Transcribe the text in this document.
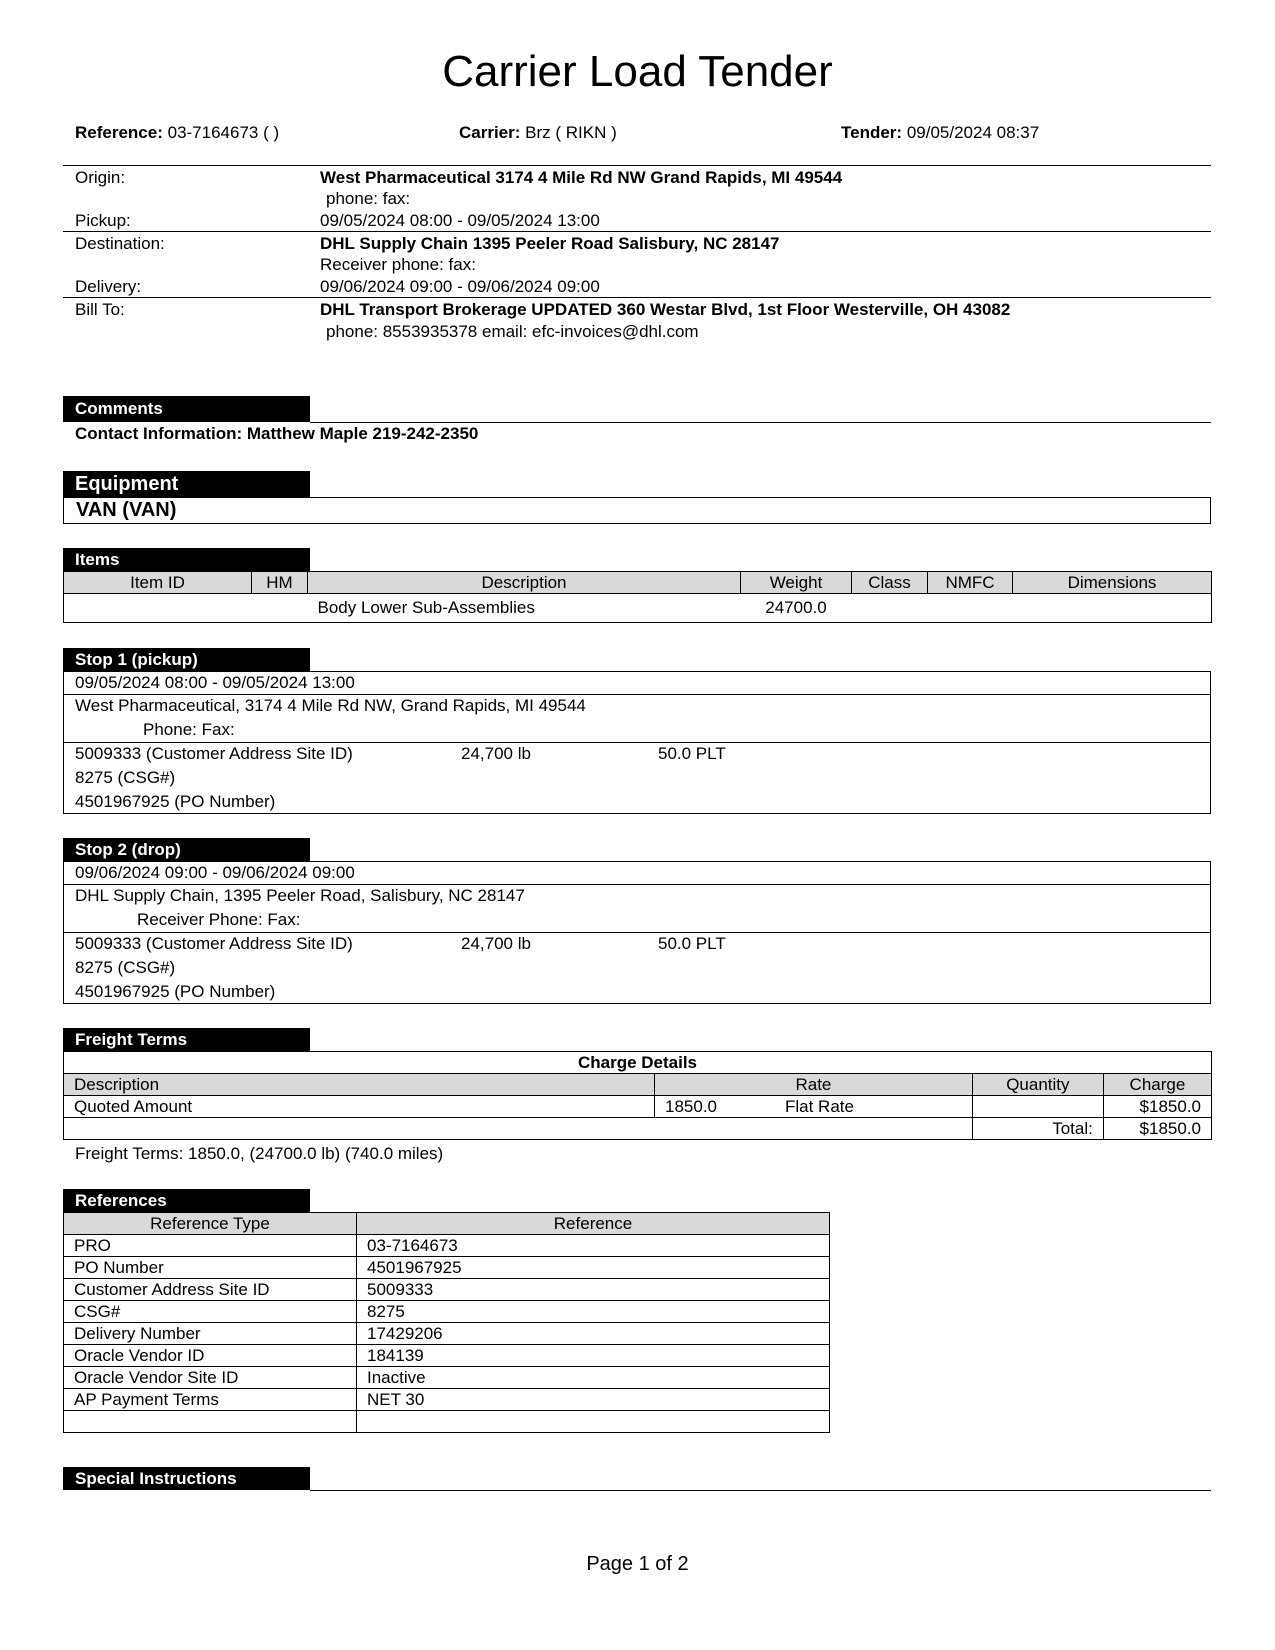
Carrier Load Tender
Reference: 03-7164673 ( )	Carrier: Brz ( RIKN )	Tender: 09/05/2024 08:37
Origin:	West Pharmaceutical 3174 4 Mile Rd NW Grand Rapids, MI 49544
phone: fax:
Pickup:	09/05/2024 08:00 - 09/05/2024 13:00
Destination:	DHL Supply Chain 1395 Peeler Road Salisbury, NC 28147
Receiver phone: fax:
Delivery:	09/06/2024 09:00 - 09/06/2024 09:00
Bill To:	DHL Transport Brokerage UPDATED 360 Westar Blvd, 1st Floor Westerville, OH 43082
phone: 8553935378 email: efc-invoices@dhl.com
Comments
Contact Information: Matthew Maple 219-242-2350
Equipment
VAN (VAN)
Items
Item ID	HM	Description	Weight	Class	NMFC	Dimensions
		Body Lower Sub-Assemblies	24700.0			
Stop 1 (pickup)
09/05/2024 08:00 - 09/05/2024 13:00
West Pharmaceutical, 3174 4 Mile Rd NW, Grand Rapids, MI 49544
Phone: Fax:
5009333 (Customer Address Site ID)	24,700 lb	50.0 PLT
8275 (CSG#)
4501967925 (PO Number)
Stop 2 (drop)
09/06/2024 09:00 - 09/06/2024 09:00
DHL Supply Chain, 1395 Peeler Road, Salisbury, NC 28147
Receiver Phone: Fax:
5009333 (Customer Address Site ID)	24,700 lb	50.0 PLT
8275 (CSG#)
4501967925 (PO Number)
Freight Terms
Charge Details				
Description	Rate		Quantity	Charge
Quoted Amount	1850.0	Flat Rate		$1850.0
			Total:	$1850.0
Freight Terms: 1850.0, (24700.0 lb) (740.0 miles)
References
Reference Type	Reference
PRO	03-7164673
PO Number	4501967925
Customer Address Site ID	5009333
CSG#	8275
Delivery Number	17429206
Oracle Vendor ID	184139
Oracle Vendor Site ID	Inactive
AP Payment Terms	NET 30

Special Instructions
Page 1 of 2
